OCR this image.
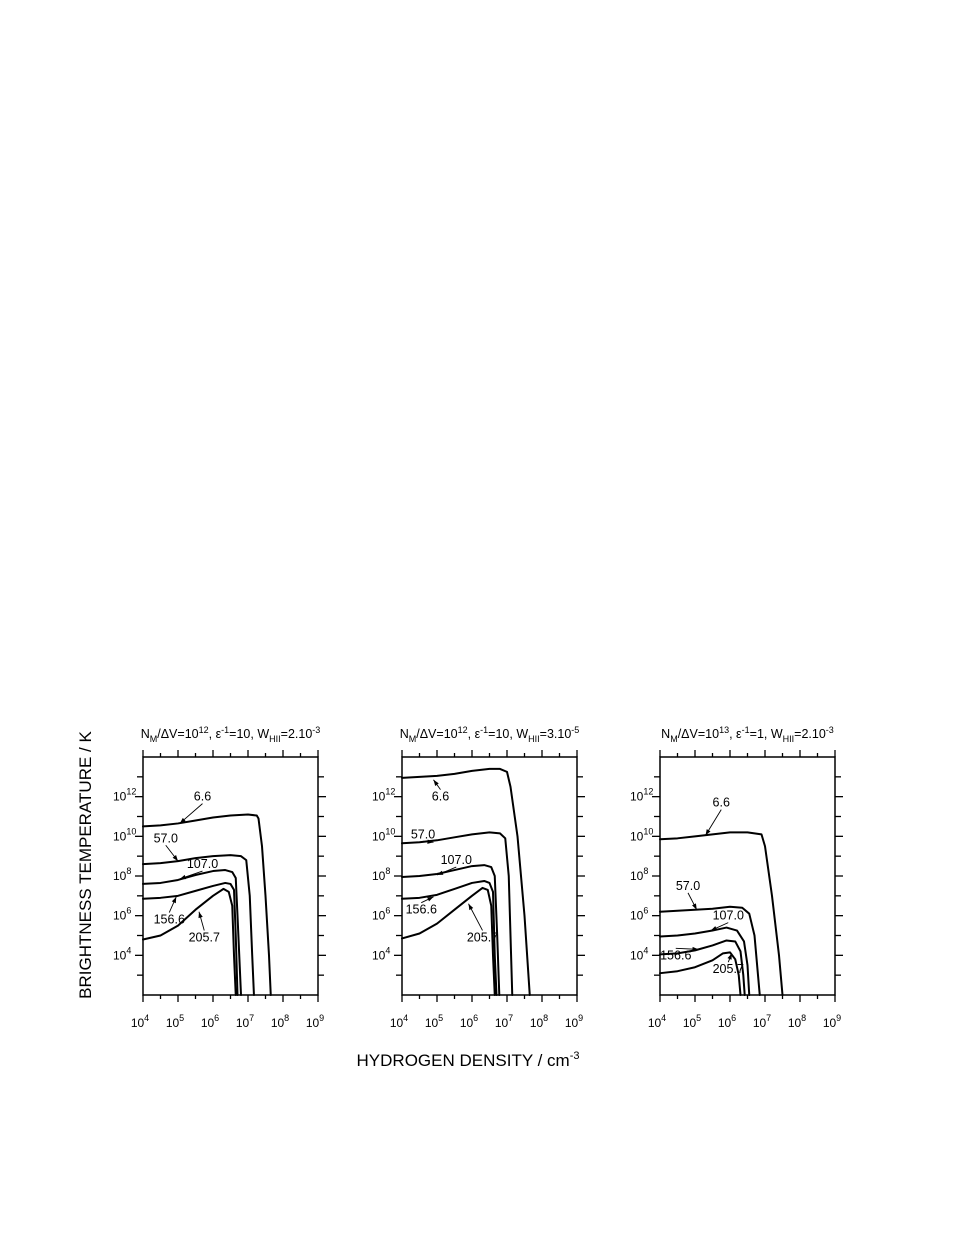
BRIGHTNESS TEMPERATURE / K
HYDROGEN DENSITY / $cm^{-3}$
$N_M/\Delta V=10^{12}$, $\varepsilon^{-1}=10$, $W_{HII}=2.10^{-3}$
$10^4$ $10^5$ $10^6$ $10^7$ $10^8$ $10^9$
$10^4$
$10^6$
$10^8$
$10^{10}$
$10^{12}$	6.6
57.0
107.0
156.6
205.7
$N_M/\Delta V=10^{12}$, $\varepsilon^{-1}=10$, $W_{HII}=3.10^{-5}$
$10^4$ $10^5$ $10^6$ $10^7$ $10^8$ $10^9$
$10^4$
$10^6$
$10^8$
$10^{10}$
$10^{12}$	6.6
57.0
107.0
156.6
205.7
$N_M/\Delta V=10^{13}$, $\varepsilon^{-1}=1$, $W_{HII}=2.10^{-3}$
$10^4$ $10^5$ $10^6$ $10^7$ $10^8$ $10^9$
$10^4$
$10^6$
$10^8$
$10^{10}$
$10^{12}$
6.6
57.0
107.0
156.6
205.7
